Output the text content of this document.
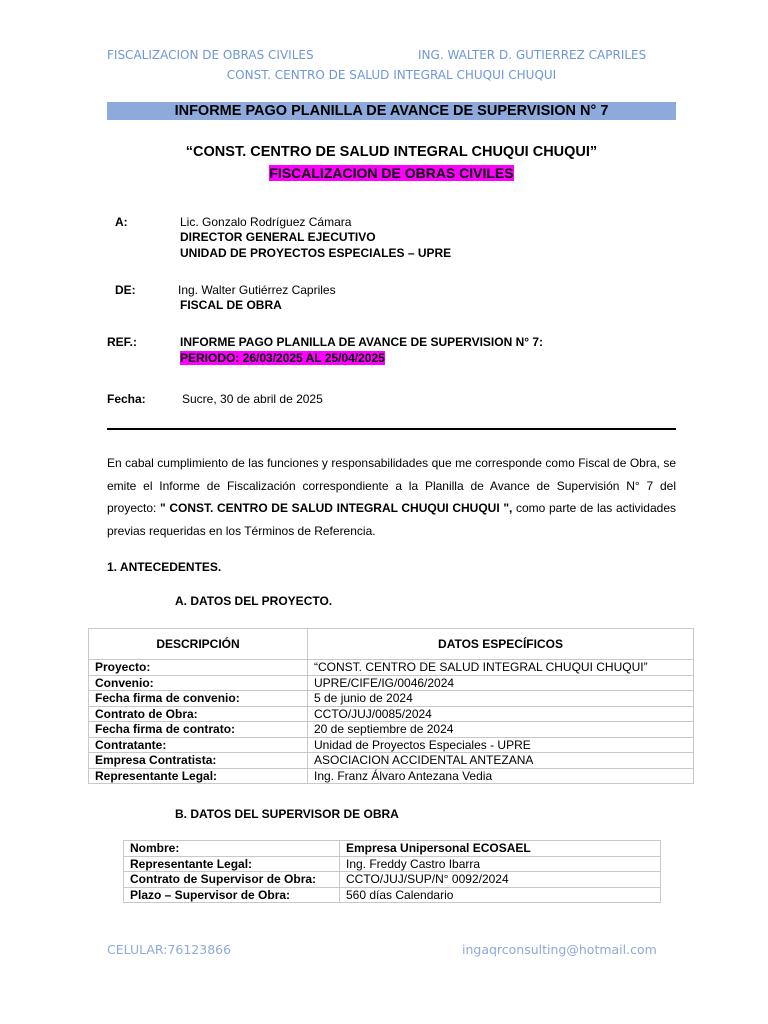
FISCALIZACION DE OBRAS CIVILES	ING. WALTER D. GUTIERREZ CAPRILES
CONST. CENTRO DE SALUD INTEGRAL CHUQUI CHUQUI
INFORME PAGO PLANILLA DE AVANCE DE SUPERVISION N° 7
“CONST. CENTRO DE SALUD INTEGRAL CHUQUI CHUQUI”
FISCALIZACION DE OBRAS CIVILES
A:	Lic. Gonzalo Rodríguez Cámara
DIRECTOR GENERAL EJECUTIVO
UNIDAD DE PROYECTOS ESPECIALES – UPRE
DE:	Ing. Walter Gutiérrez Capriles
FISCAL DE OBRA
REF.:	INFORME PAGO PLANILLA DE AVANCE DE SUPERVISION N° 7:
PERIODO: 26/03/2025 AL 25/04/2025
Fecha:	Sucre, 30 de abril de 2025
En cabal cumplimiento de las funciones y responsabilidades que me corresponde como Fiscal de Obra, se emite el Informe de Fiscalización correspondiente a la Planilla de Avance de Supervisión N° 7 del proyecto: " CONST. CENTRO DE SALUD INTEGRAL CHUQUI CHUQUI ", como parte de las actividades previas requeridas en los Términos de Referencia.
1. ANTECEDENTES.
A. DATOS DEL PROYECTO.
DESCRIPCIÓN	DATOS ESPECÍFICOS
Proyecto:	“CONST. CENTRO DE SALUD INTEGRAL CHUQUI CHUQUI”
Convenio:	UPRE/CIFE/IG/0046/2024
Fecha firma de convenio:	5 de junio de 2024
Contrato de Obra:	CCTO/JUJ/0085/2024
Fecha firma de contrato:	20 de septiembre de 2024
Contratante:	Unidad de Proyectos Especiales - UPRE
Empresa Contratista:	ASOCIACION ACCIDENTAL ANTEZANA
Representante Legal:	Ing. Franz Álvaro Antezana Vedia
B. DATOS DEL SUPERVISOR DE OBRA
Nombre:	Empresa Unipersonal ECOSAEL
Representante Legal:	Ing. Freddy Castro Ibarra
Contrato de Supervisor de Obra:	CCTO/JUJ/SUP/N° 0092/2024
Plazo – Supervisor de Obra:	560 días Calendario
CELULAR:76123866	ingaqrconsulting@hotmail.com
